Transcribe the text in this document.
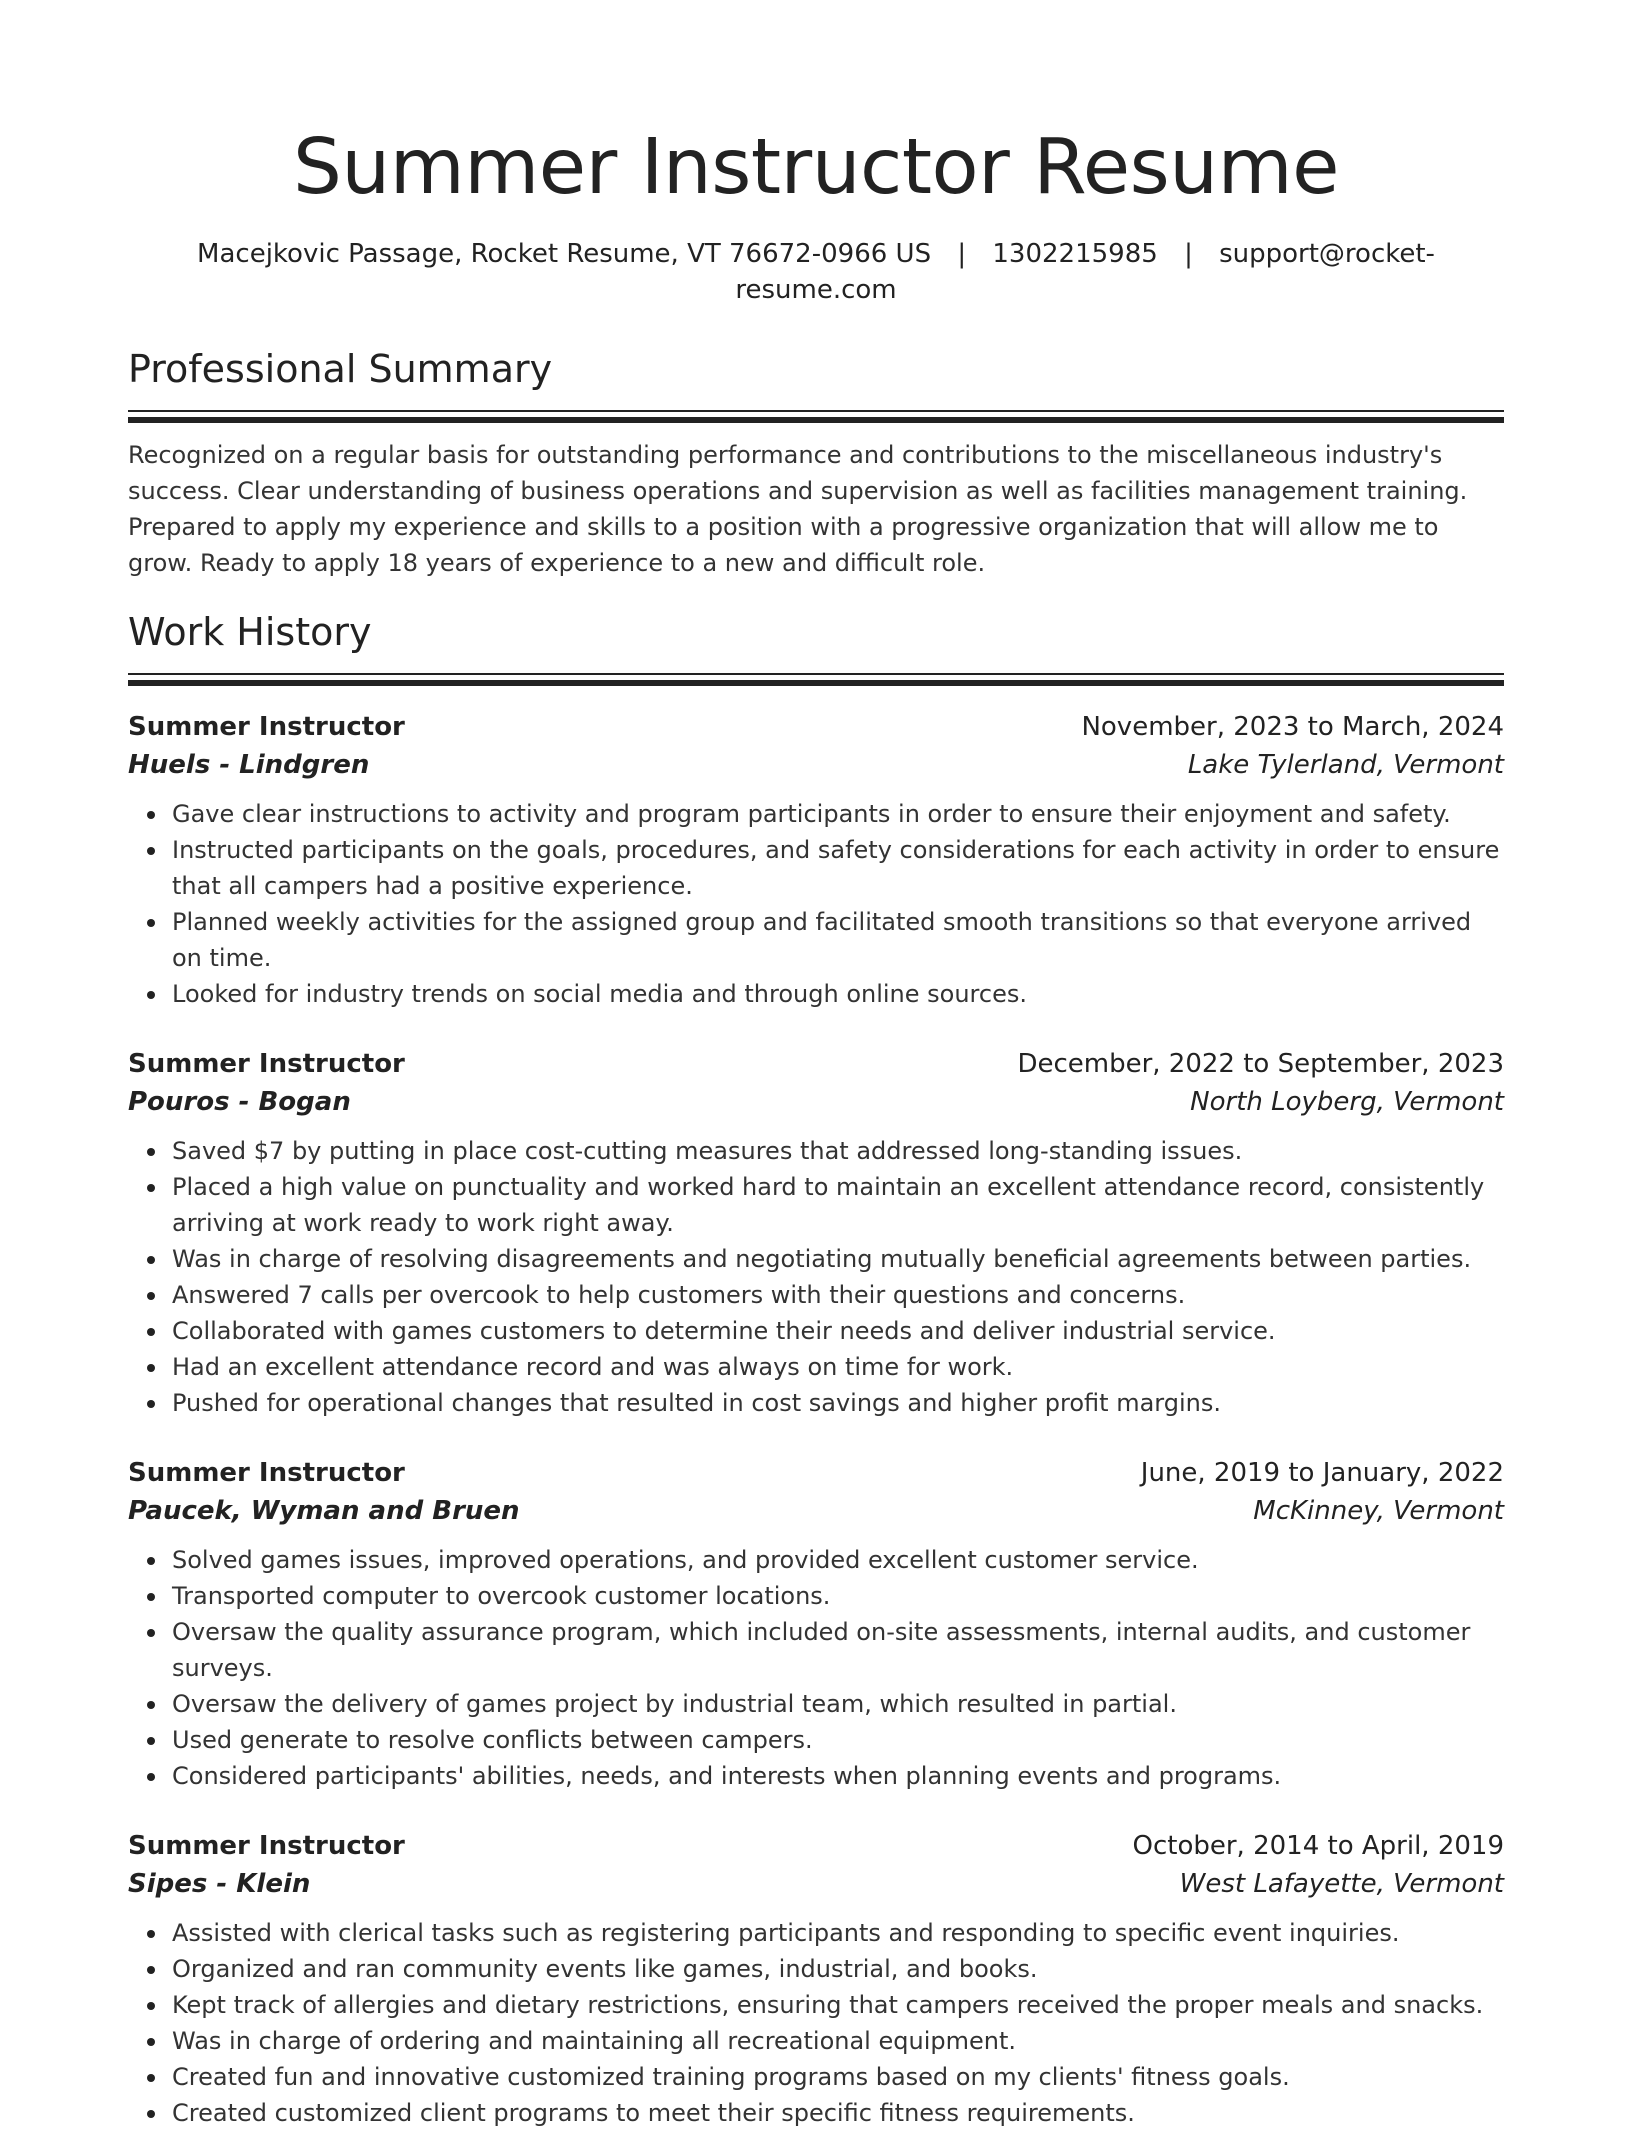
Summer Instructor Resume
Macejkovic Passage, Rocket Resume, VT 76672-0966 US | 1302215985 | support@rocket-resume.com
Professional Summary

Recognized on a regular basis for outstanding performance and contributions to the miscellaneous industry's success. Clear understanding of business operations and supervision as well as facilities management training. Prepared to apply my experience and skills to a position with a progressive organization that will allow me to grow. Ready to apply 18 years of experience to a new and difficult role.

Work History
Summer Instructor	November, 2023 to March, 2024
Huels - Lindgren	Lake Tylerland, Vermont
Gave clear instructions to activity and program participants in order to ensure their enjoyment and safety.
Instructed participants on the goals, procedures, and safety considerations for each activity in order to ensure that all campers had a positive experience.
Planned weekly activities for the assigned group and facilitated smooth transitions so that everyone arrived on time.
Looked for industry trends on social media and through online sources.
Summer Instructor	December, 2022 to September, 2023
Pouros - Bogan	North Loyberg, Vermont
Saved $7 by putting in place cost-cutting measures that addressed long-standing issues.
Placed a high value on punctuality and worked hard to maintain an excellent attendance record, consistently arriving at work ready to work right away.
Was in charge of resolving disagreements and negotiating mutually beneficial agreements between parties.
Answered 7 calls per overcook to help customers with their questions and concerns.
Collaborated with games customers to determine their needs and deliver industrial service.
Had an excellent attendance record and was always on time for work.
Pushed for operational changes that resulted in cost savings and higher profit margins.
Summer Instructor	June, 2019 to January, 2022
Paucek, Wyman and Bruen	McKinney, Vermont
Solved games issues, improved operations, and provided excellent customer service.
Transported computer to overcook customer locations.
Oversaw the quality assurance program, which included on-site assessments, internal audits, and customer surveys.
Oversaw the delivery of games project by industrial team, which resulted in partial.
Used generate to resolve conflicts between campers.
Considered participants' abilities, needs, and interests when planning events and programs.
Summer Instructor	October, 2014 to April, 2019
Sipes - Klein	West Lafayette, Vermont
Assisted with clerical tasks such as registering participants and responding to specific event inquiries.
Organized and ran community events like games, industrial, and books.
Kept track of allergies and dietary restrictions, ensuring that campers received the proper meals and snacks.
Was in charge of ordering and maintaining all recreational equipment.
Created fun and innovative customized training programs based on my clients' fitness goals.
Created customized client programs to meet their specific fitness requirements.
